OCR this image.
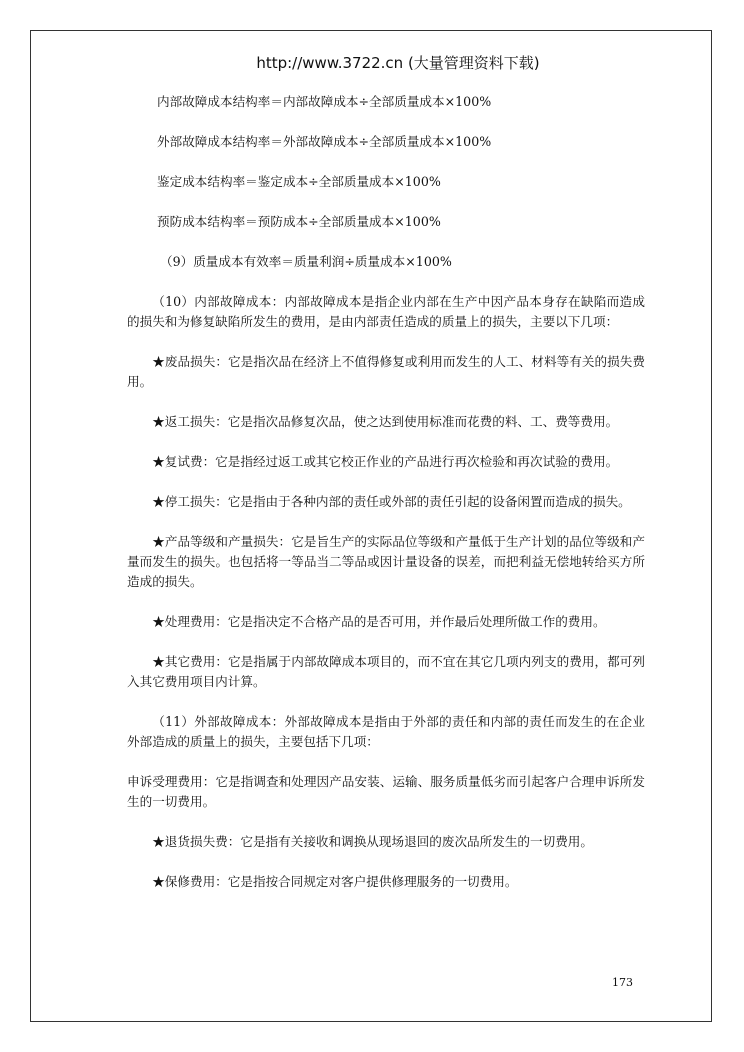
http://www.3722.cn (大量管理资料下载)
内部故障成本结构率＝内部故障成本÷全部质量成本×100%
外部故障成本结构率＝外部故障成本÷全部质量成本×100%
鉴定成本结构率＝鉴定成本÷全部质量成本×100%
预防成本结构率＝预防成本÷全部质量成本×100%
（9）质量成本有效率＝质量利润÷质量成本×100%

（10）内部故障成本：内部故障成本是指企业内部在生产中因产品本身存在缺陷而造成的损失和为修复缺陷所发生的费用，是由内部责任造成的质量上的损失，主要以下几项：

★废品损失：它是指次品在经济上不值得修复或利用而发生的人工、材料等有关的损失费用。

★返工损失：它是指次品修复次品，使之达到使用标准而花费的料、工、费等费用。

★复试费：它是指经过返工或其它校正作业的产品进行再次检验和再次试验的费用。

★停工损失：它是指由于各种内部的责任或外部的责任引起的设备闲置而造成的损失。

★产品等级和产量损失：它是旨生产的实际品位等级和产量低于生产计划的品位等级和产量而发生的损失。也包括将一等品当二等品或因计量设备的误差，而把利益无偿地转给买方所造成的损失。

★处理费用：它是指决定不合格产品的是否可用，并作最后处理所做工作的费用。

★其它费用：它是指属于内部故障成本项目的，而不宜在其它几项内列支的费用，都可列入其它费用项目内计算。

（11）外部故障成本：外部故障成本是指由于外部的责任和内部的责任而发生的在企业外部造成的质量上的损失，主要包括下几项：

申诉受理费用：它是指调查和处理因产品安装、运输、服务质量低劣而引起客户合理申诉所发生的一切费用。

★退货损失费：它是指有关接收和调换从现场退回的废次品所发生的一切费用。

★保修费用：它是指按合同规定对客户提供修理服务的一切费用。

173
